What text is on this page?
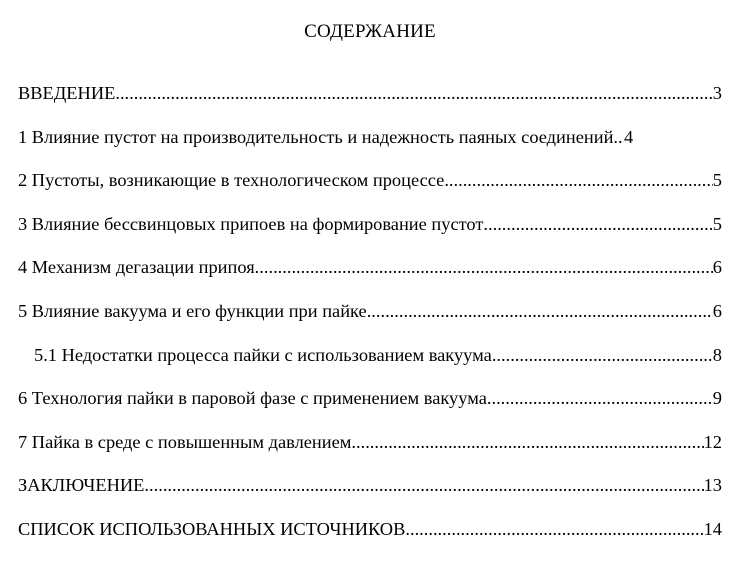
СОДЕРЖАНИЕ
ВВЕДЕНИЕ .....	3
1 Влияние пустот на производительность и надежность паяных соединений. ..... 4
2 Пустоты, возникающие в технологическом процессе .....	5
3 Влияние бессвинцовых припоев на формирование пустот .....	5
4 Механизм дегазации припоя .....	6
5 Влияние вакуума и его функции при пайке .....	6
5.1 Недостатки процесса пайки с использованием вакуума .....	8
6 Технология пайки в паровой фазе с применением вакуума .....	9
7 Пайка в среде с повышенным давлением .....	12
ЗАКЛЮЧЕНИЕ .....	13
СПИСОК ИСПОЛЬЗОВАННЫХ ИСТОЧНИКОВ .....	14
